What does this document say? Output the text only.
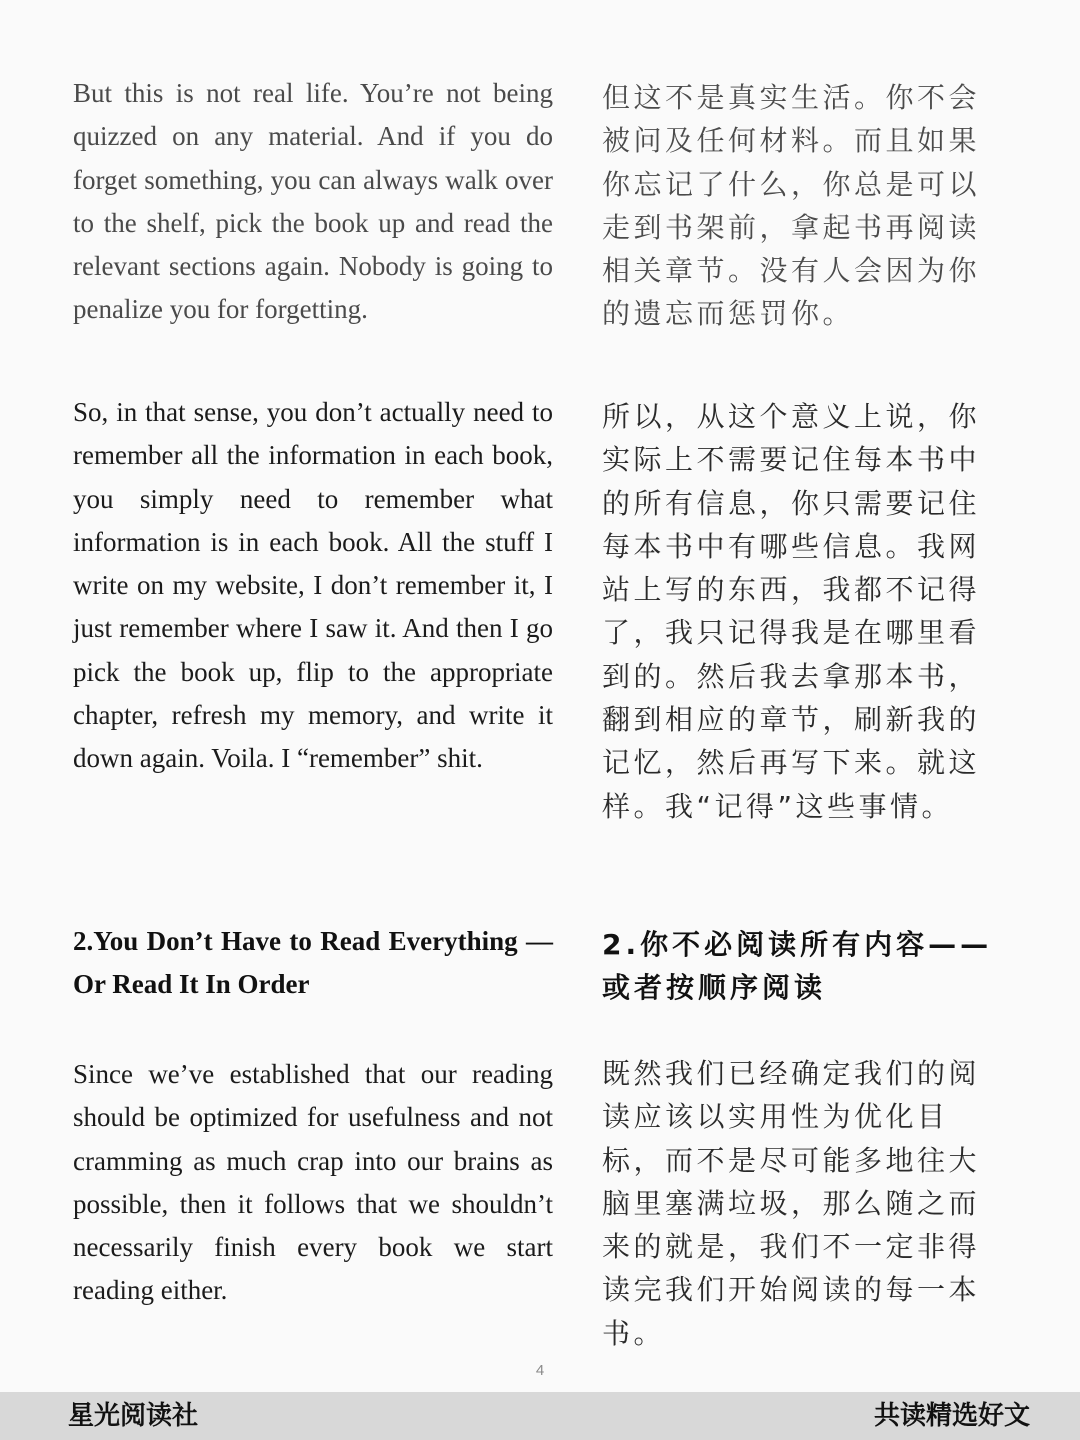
But this is not real life. You’re not being quizzed on any material. And if you do forget something, you can always walk over to the shelf, pick the book up and read the relevant sections again. Nobody is going to penalize you for forgetting.

但这不是真实生活。你不会被问及任何材料。而且如果你忘记了什么，你总是可以走到书架前，拿起书再阅读相关章节。没有人会因为你的遗忘而惩罚你。

So, in that sense, you don’t actually need to remember all the information in each book, you simply need to remember what information is in each book. All the stuff I write on my website, I don’t remember it, I just remember where I saw it. And then I go pick the book up, flip to the appropriate chapter, refresh my memory, and write it down again. Voila. I “remember” shit.

所以，从这个意义上说，你实际上不需要记住每本书中的所有信息，你只需要记住每本书中有哪些信息。我网站上写的东西，我都不记得了，我只记得我是在哪里看到的。然后我去拿那本书，翻到相应的章节，刷新我的记忆，然后再写下来。就这样。我“记得”这些事情。

2.You Don’t Have to Read Everything — Or Read It In Order

2.你不必阅读所有内容——或者按顺序阅读

Since we’ve established that our reading should be optimized for usefulness and not cramming as much crap into our brains as possible, then it follows that we shouldn’t necessarily finish every book we start reading either.

既然我们已经确定我们的阅读应该以实用性为优化目标，而不是尽可能多地往大脑里塞满垃圾，那么随之而来的就是，我们不一定非得读完我们开始阅读的每一本书。

4
星光阅读社	共读精选好文
